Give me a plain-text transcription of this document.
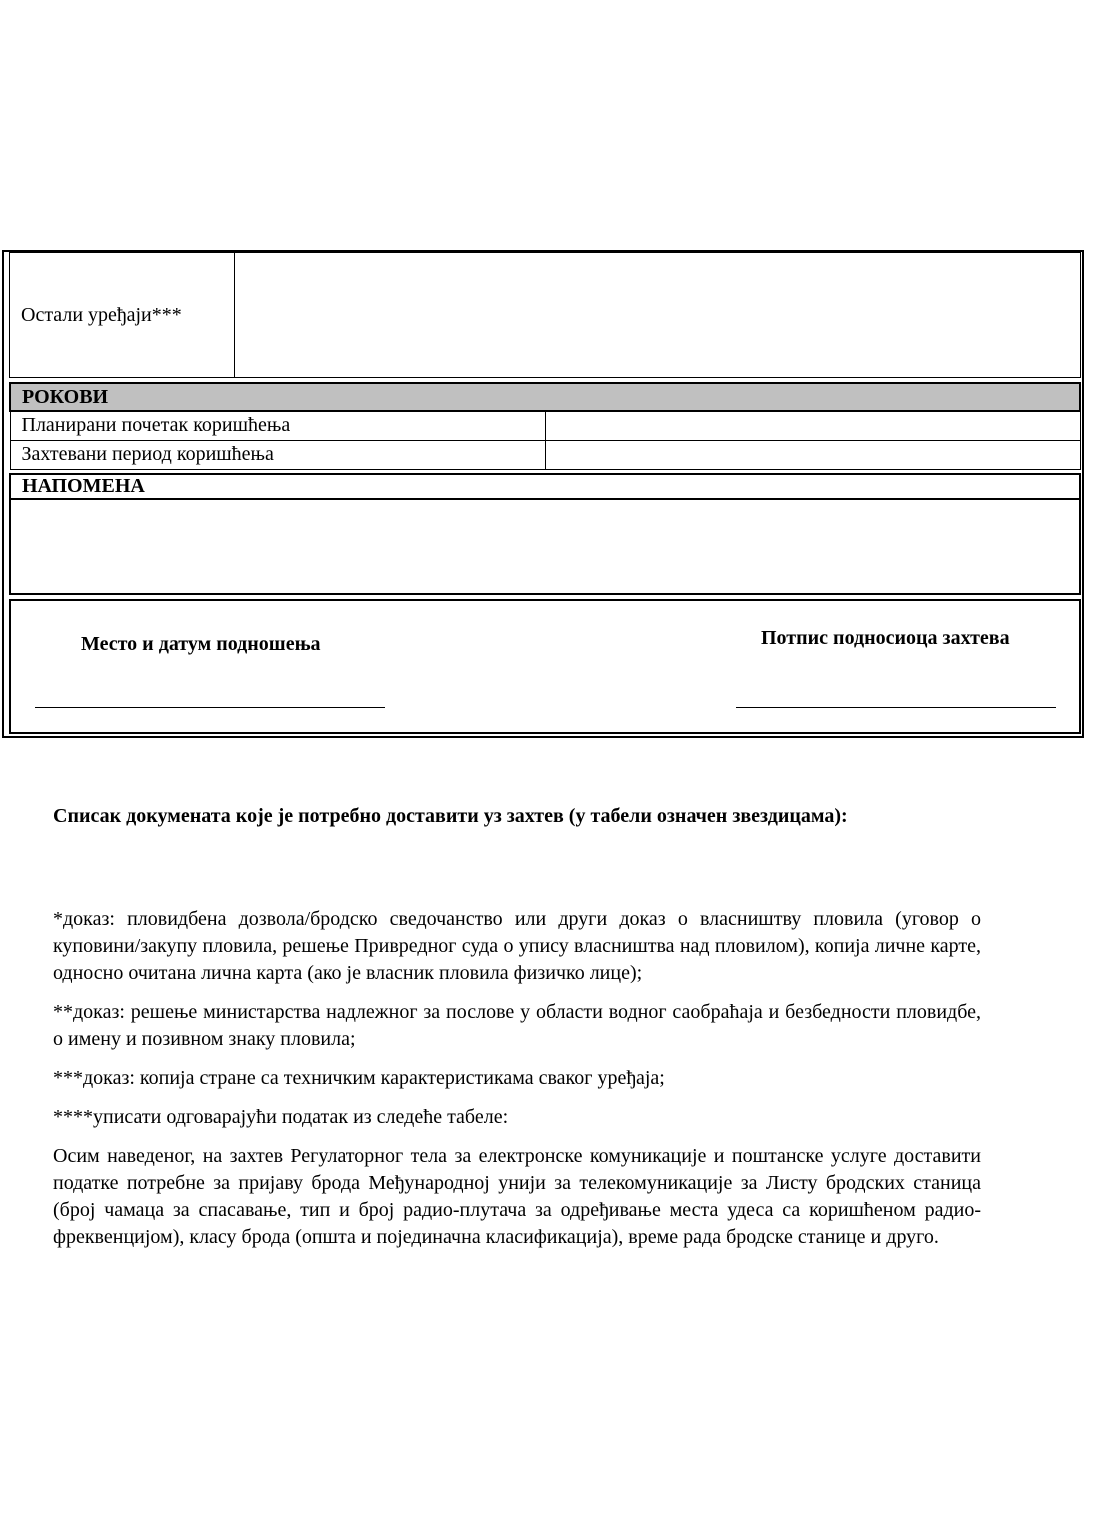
Остали уређаји***	
РОКОВИ	
Планирани почетак коришћења	
Захтевани период коришћења	
НАПОМЕНА

Место и датум подношења	Потпис подносиоца захтева
Списак докумената које је потребно доставити уз захтев (у табели означен звездицама):

*доказ: пловидбена дозвола/бродско сведочанство или други доказ о власништву пловила (уговор о куповини/закупу пловила, решење Привредног суда о упису власништва над пловилом), копија личне карте, односно очитана лична карта (ако је власник пловила физичко лице);

**доказ: решење министарства надлежног за послове у области водног саобраћаја и безбедности пловидбе, о имену и позивном знаку пловила;

***доказ: копија стране са техничким карактеристикама сваког уређаја;

****уписати одговарајући податак из следеће табеле:

Осим наведеног, на захтев Регулаторног тела за електронске комуникације и поштанске услуге доставити податке потребне за пријаву брода Међународној унији за телекомуникације за Листу бродских станица (број чамаца за спасавање, тип и број радио-плутача за одређивање места удеса са коришћеном радио-фреквенцијом), класу брода (општа и појединачна класификација), време рада бродске станице и друго.
